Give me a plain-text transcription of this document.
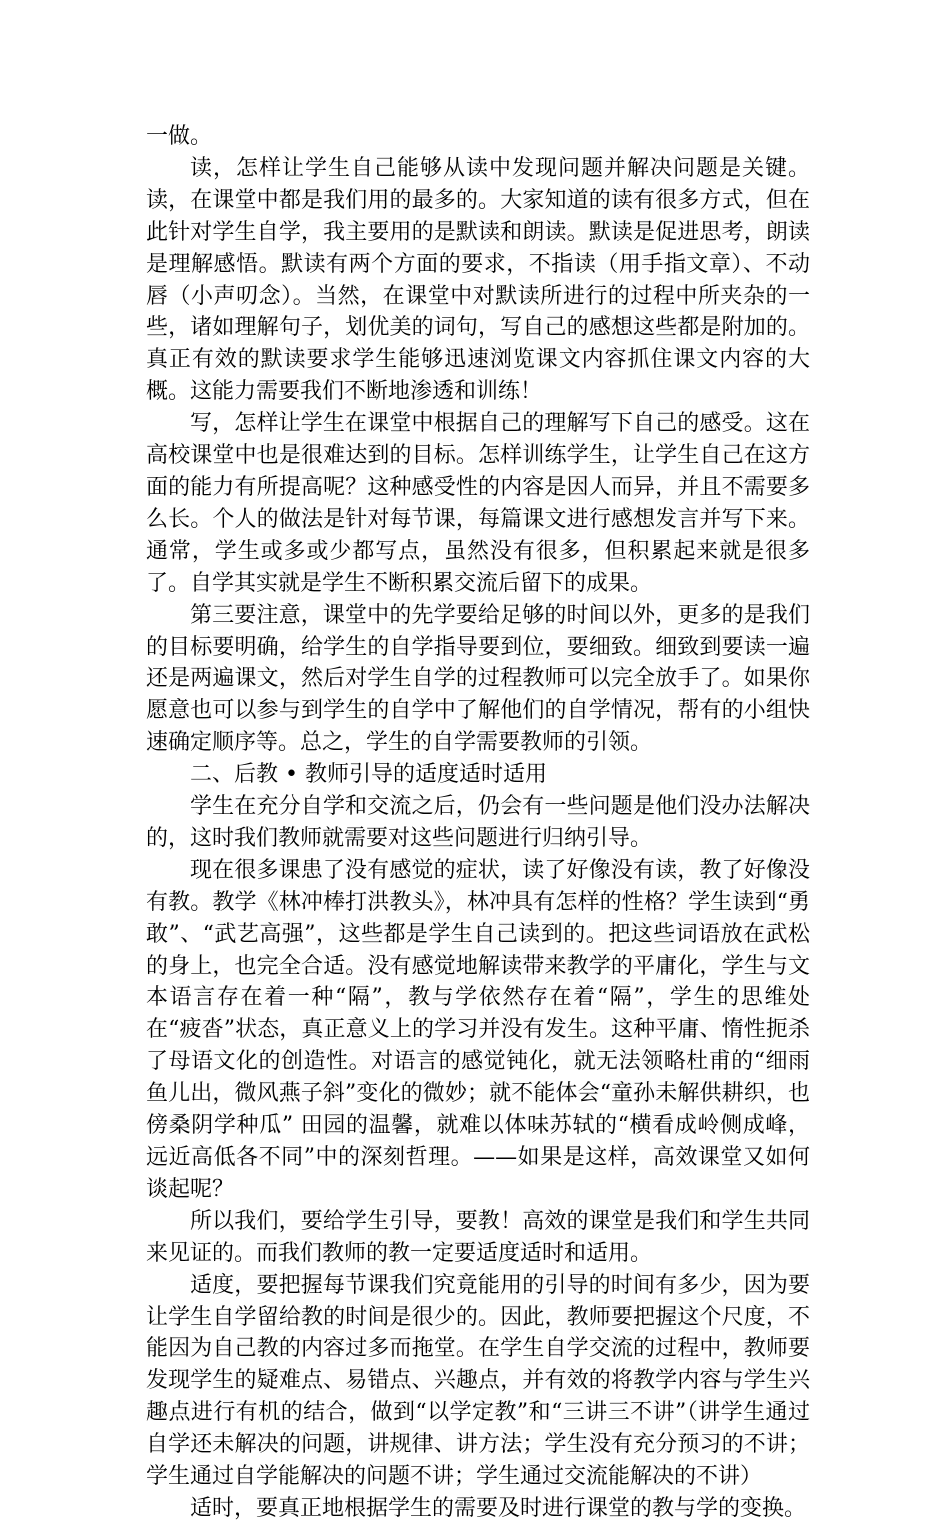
一做。

读，怎样让学生自己能够从读中发现问题并解决问题是关键。读，在课堂中都是我们用的最多的。大家知道的读有很多方式，但在此针对学生自学，我主要用的是默读和朗读。默读是促进思考，朗读是理解感悟。默读有两个方面的要求，不指读（用手指文章）、不动唇（小声叨念）。当然，在课堂中对默读所进行的过程中所夹杂的一些，诸如理解句子，划优美的词句，写自己的感想这些都是附加的。真正有效的默读要求学生能够迅速浏览课文内容抓住课文内容的大概。这能力需要我们不断地渗透和训练！

写，怎样让学生在课堂中根据自己的理解写下自己的感受。这在高校课堂中也是很难达到的目标。怎样训练学生，让学生自己在这方面的能力有所提高呢？这种感受性的内容是因人而异，并且不需要多么长。个人的做法是针对每节课，每篇课文进行感想发言并写下来。通常，学生或多或少都写点，虽然没有很多，但积累起来就是很多了。自学其实就是学生不断积累交流后留下的成果。

第三要注意，课堂中的先学要给足够的时间以外，更多的是我们的目标要明确，给学生的自学指导要到位，要细致。细致到要读一遍还是两遍课文，然后对学生自学的过程教师可以完全放手了。如果你愿意也可以参与到学生的自学中了解他们的自学情况，帮有的小组快速确定顺序等。总之，学生的自学需要教师的引领。

二、后教 • 教师引导的适度适时适用

学生在充分自学和交流之后，仍会有一些问题是他们没办法解决的，这时我们教师就需要对这些问题进行归纳引导。

现在很多课患了没有感觉的症状，读了好像没有读，教了好像没有教。教学《林冲棒打洪教头》，林冲具有怎样的性格？学生读到“勇敢”、“武艺高强”，这些都是学生自己读到的。把这些词语放在武松的身上，也完全合适。没有感觉地解读带来教学的平庸化，学生与文本语言存在着一种“隔”，教与学依然存在着“隔”，学生的思维处在“疲沓”状态，真正意义上的学习并没有发生。这种平庸、惰性扼杀了母语文化的创造性。对语言的感觉钝化，就无法领略杜甫的“细雨鱼儿出，微风燕子斜”变化的微妙；就不能体会“童孙未解供耕织，也傍桑阴学种瓜” 田园的温馨，就难以体味苏轼的“横看成岭侧成峰，远近高低各不同”中的深刻哲理。——如果是这样，高效课堂又如何谈起呢？

所以我们，要给学生引导，要教！高效的课堂是我们和学生共同来见证的。而我们教师的教一定要适度适时和适用。

适度，要把握每节课我们究竟能用的引导的时间有多少，因为要让学生自学留给教的时间是很少的。因此，教师要把握这个尺度，不能因为自己教的内容过多而拖堂。在学生自学交流的过程中，教师要发现学生的疑难点、易错点、兴趣点，并有效的将教学内容与学生兴趣点进行有机的结合，做到“以学定教”和“三讲三不讲”（讲学生通过自学还未解决的问题，讲规律、讲方法；学生没有充分预习的不讲；学生通过自学能解决的问题不讲；学生通过交流能解决的不讲）

适时，要真正地根据学生的需要及时进行课堂的教与学的变换。
